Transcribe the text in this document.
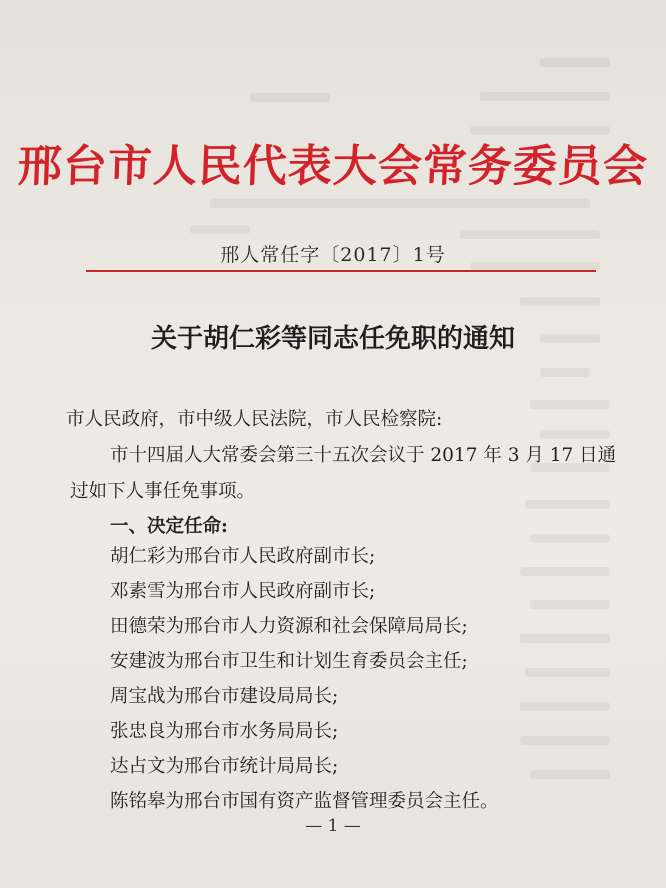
邢台市人民代表大会常务委员会
邢人常任字〔2017〕1号
关于胡仁彩等同志任免职的通知
市人民政府，市中级人民法院，市人民检察院:
市十四届人大常委会第三十五次会议于 2017 年 3 月 17 日通
过如下人事任免事项。
一、决定任命:
胡仁彩为邢台市人民政府副市长;
邓素雪为邢台市人民政府副市长;
田德荣为邢台市人力资源和社会保障局局长;
安建波为邢台市卫生和计划生育委员会主任;
周宝战为邢台市建设局局长;
张忠良为邢台市水务局局长;
达占文为邢台市统计局局长;
陈铭皋为邢台市国有资产监督管理委员会主任。
— 1 —
